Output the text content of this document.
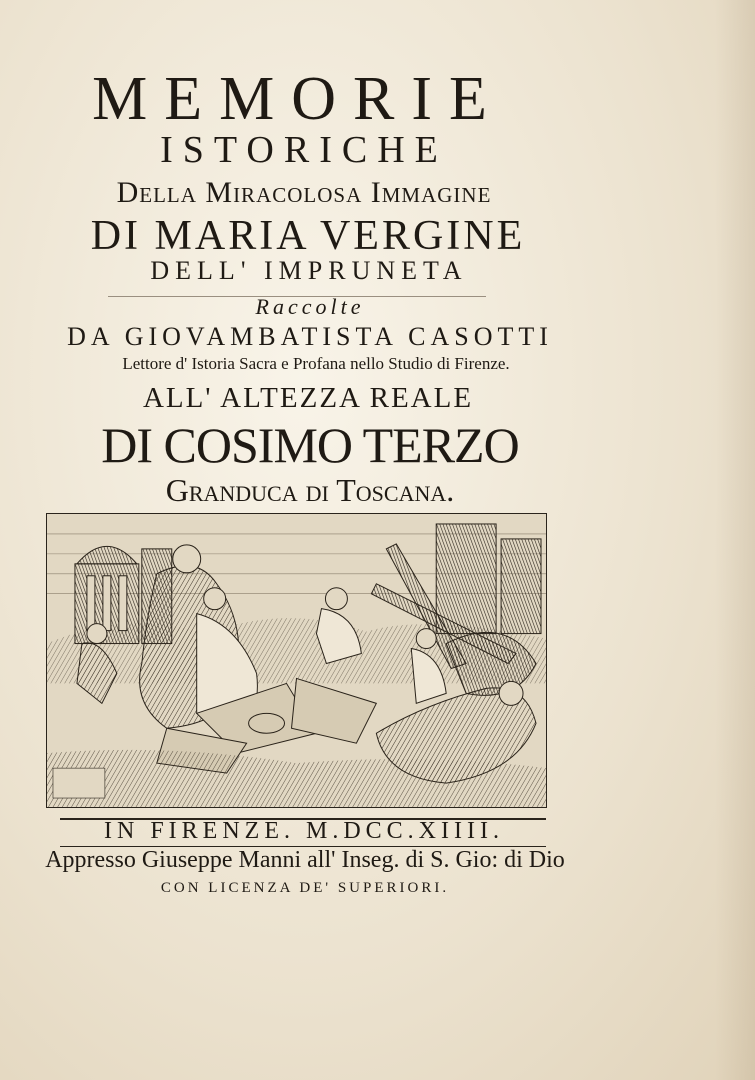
MEMORIE
ISTORICHE
Della Miracolosa Immagine
DI MARIA VERGINE
DELL' IMPRUNETA
Raccolte
DA GIOVAMBATISTA CASOTTI
Lettore d' Istoria Sacra e Profana nello Studio di Firenze.
ALL' ALTEZZA REALE
DI COSIMO TERZO
Granduca di Toscana.
IN FIRENZE. M.DCC.XIIII.
Appresso Giuseppe Manni all' Inseg. di S. Gio: di Dio
CON LICENZA DE' SUPERIORI.
